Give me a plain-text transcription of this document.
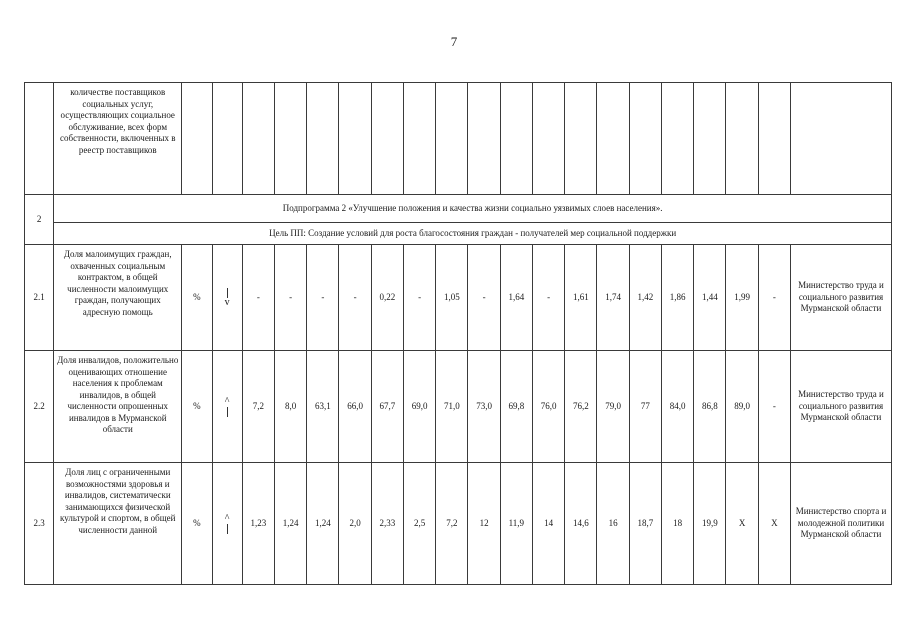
7
	количестве поставщиков социальных услуг, осуществляющих социальное обслуживание, всех форм собственности, включенных в реестр поставщиков																				
2	Подпрограмма 2 «Улучшение положения и качества жизни социально уязвимых слоев населения».																				
	Цель ПП: Создание условий для роста благосостояния граждан - получателей мер социальной поддержки																				
2.1	Доля малоимущих граждан, охваченных социальным контрактом, в общей численности малоимущих граждан, получающих адресную помощь	%	v	-	-	-	-	0,22	-	1,05	-	1,64	-	1,61	1,74	1,42	1,86	1,44	1,99	-	Министерство труда и социального развития Мурманской области
2.2	Доля инвалидов, положительно оценивающих отношение населения к проблемам инвалидов, в общей численности опрошенных инвалидов в Мурманской области	%	^	7,2	8,0	63,1	66,0	67,7	69,0	71,0	73,0	69,8	76,0	76,2	79,0	77	84,0	86,8	89,0	-	Министерство труда и социального развития Мурманской области
2.3	Доля лиц с ограниченными возможностями здоровья и инвалидов, систематически занимающихся физической культурой и спортом, в общей численности данной	%	^	1,23	1,24	1,24	2,0	2,33	2,5	7,2	12	11,9	14	14,6	16	18,7	18	19,9	X	X	Министерство спорта и молодежной политики Мурманской области
